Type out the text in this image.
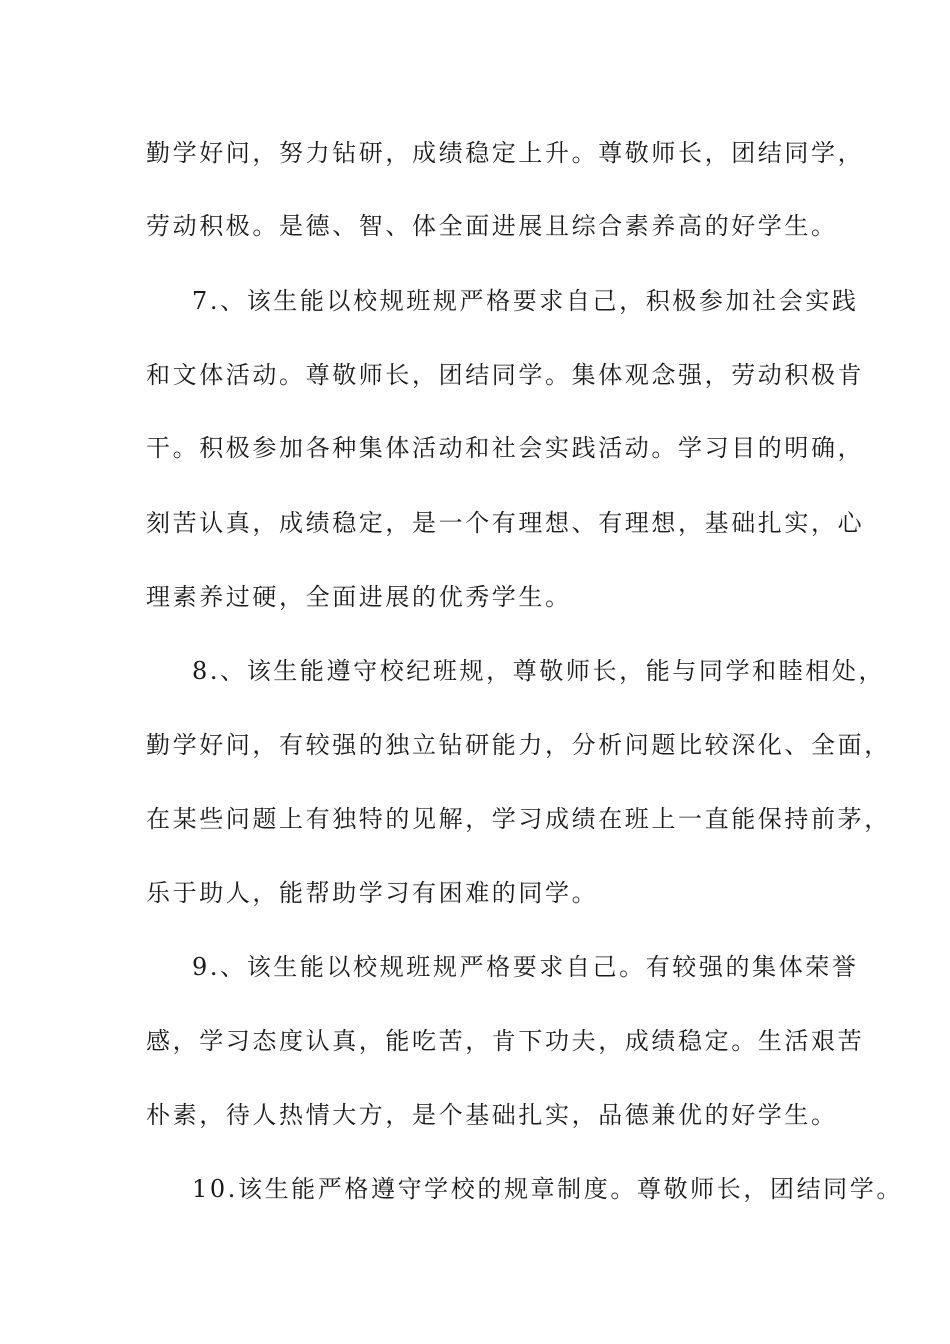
勤学好问，努力钻研，成绩稳定上升。尊敬师长，团结同学，
劳动积极。是德、智、体全面进展且综合素养高的好学生。
7.、该生能以校规班规严格要求自己，积极参加社会实践
和文体活动。尊敬师长，团结同学。集体观念强，劳动积极肯
干。积极参加各种集体活动和社会实践活动。学习目的明确，
刻苦认真，成绩稳定，是一个有理想、有理想，基础扎实，心
理素养过硬，全面进展的优秀学生。
8.、该生能遵守校纪班规，尊敬师长，能与同学和睦相处，
勤学好问，有较强的独立钻研能力，分析问题比较深化、全面，
在某些问题上有独特的见解，学习成绩在班上一直能保持前茅，
乐于助人，能帮助学习有困难的同学。
9.、该生能以校规班规严格要求自己。有较强的集体荣誉
感，学习态度认真，能吃苦，肯下功夫，成绩稳定。生活艰苦
朴素，待人热情大方，是个基础扎实，品德兼优的好学生。
10.该生能严格遵守学校的规章制度。尊敬师长，团结同学。
